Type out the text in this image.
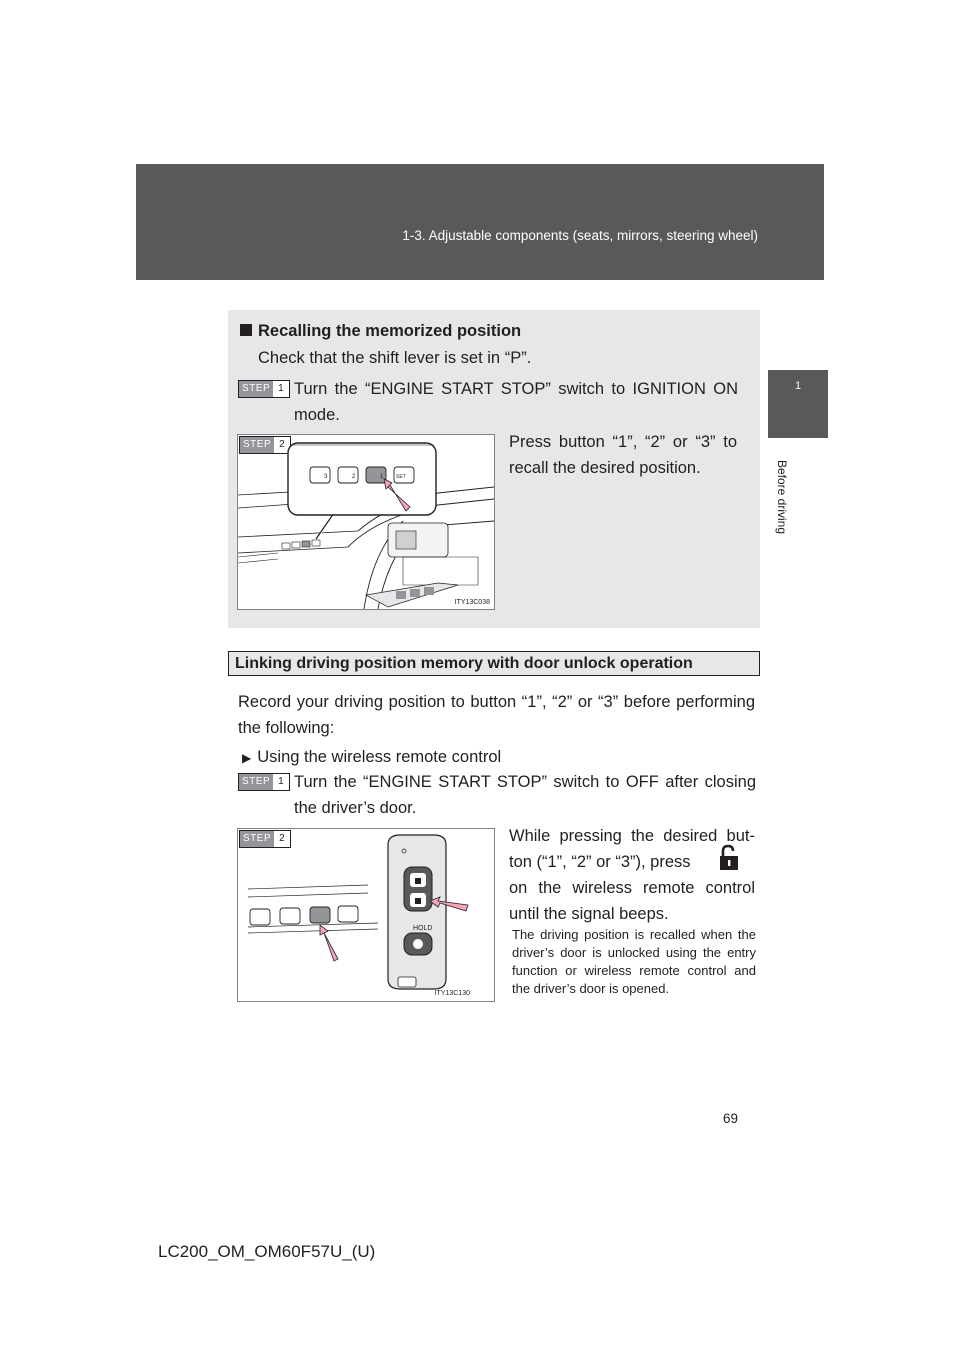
1-3. Adjustable components (seats, mirrors, steering wheel)
1
Before driving
Recalling the memorized position
Check that the shift lever is set in “P”.
STEP 1 Turn the “ENGINE START STOP” switch to IGNITION ON
mode.
Press button “1”, “2” or “3” to
recall the desired position.
STEP 2
3	2	1	SET
ITY13C038
Linking driving position memory with door unlock operation
Record your driving position to button “1”, “2” or “3” before performing
the following:
▶ Using the wireless remote control
STEP 1 Turn the “ENGINE START STOP” switch to OFF after closing
the driver’s door.
While pressing the desired but-
ton (“1”, “2” or “3”), press
on the wireless remote control
until the signal beeps.
The driving position is recalled when the driver’s door is unlocked using the entry function or wireless remote control and the driver’s door is opened.
STEP 2
HOLD
ITY13C130
69
LC200_OM_OM60F57U_(U)
